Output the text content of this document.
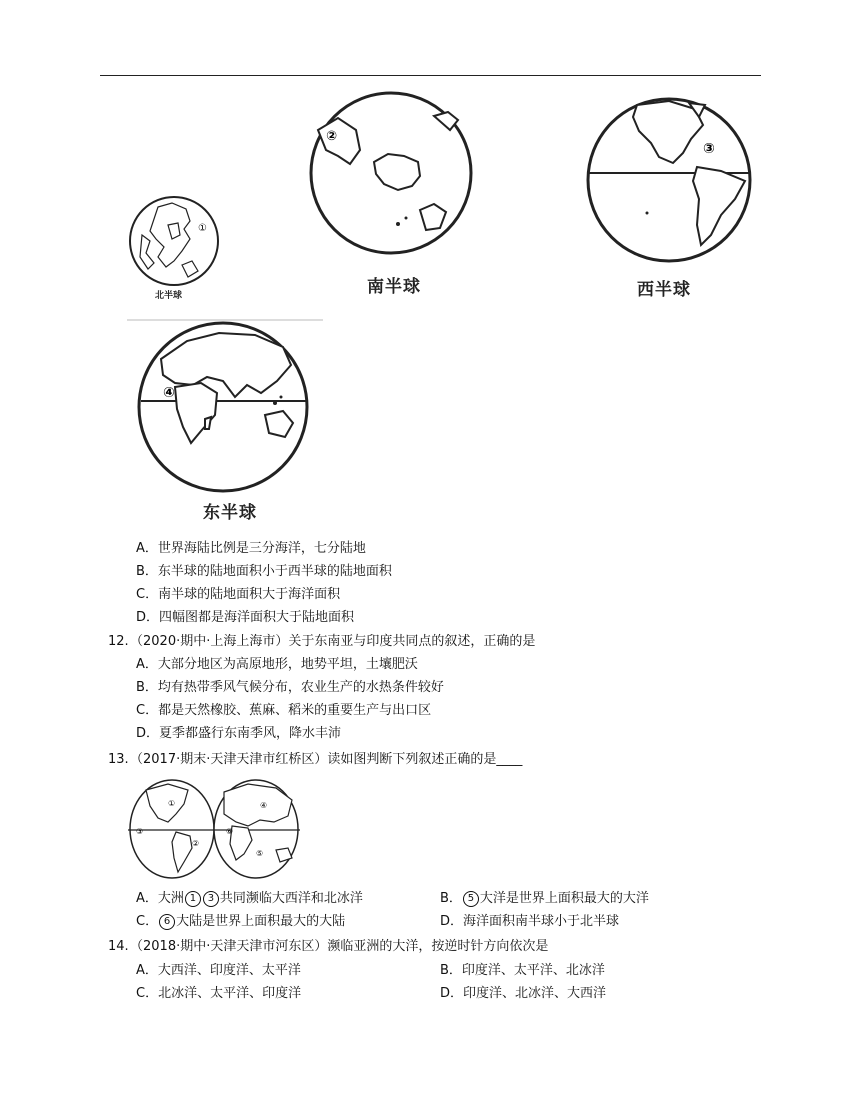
①
北半球
②
南半球
③
西半球
④
东半球
A．世界海陆比例是三分海洋，七分陆地
B．东半球的陆地面积小于西半球的陆地面积
C．南半球的陆地面积大于海洋面积
D．四幅图都是海洋面积大于陆地面积
12. （2020·期中·上海上海市）关于东南亚与印度共同点的叙述，正确的是
A．大部分地区为高原地形，地势平坦，土壤肥沃
B．均有热带季风气候分布，农业生产的水热条件较好
C．都是天然橡胶、蕉麻、稻米的重要生产与出口区
D．夏季都盛行东南季风，降水丰沛
13. （2017·期末·天津天津市红桥区）读如图判断下列叙述正确的是____
①
②
③
④
⑤
⑥
A．大洲 1 3 共同濒临大西洋和北冰洋	B． 5 大洋是世界上面积最大的大洋
C． 6 大陆是世界上面积最大的大陆	D．海洋面积南半球小于北半球
14. （2018·期中·天津天津市河东区）濒临亚洲的大洋，按逆时针方向依次是
A．大西洋、印度洋、太平洋	B．印度洋、太平洋、北冰洋
C．北冰洋、太平洋、印度洋	D．印度洋、北冰洋、大西洋
